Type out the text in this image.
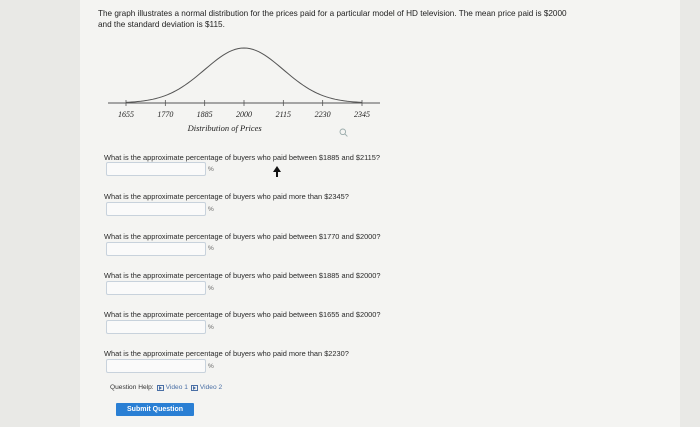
The graph illustrates a normal distribution for the prices paid for a particular model of HD television. The mean price paid is $2000 and the standard deviation is $115.
1655	1770	1885	2000	2115	2230	2345
Distribution of Prices
What is the approximate percentage of buyers who paid between $1885 and $2115?
%
What is the approximate percentage of buyers who paid more than $2345?
%
What is the approximate percentage of buyers who paid between $1770 and $2000?
%
What is the approximate percentage of buyers who paid between $1885 and $2000?
%
What is the approximate percentage of buyers who paid between $1655 and $2000?
%
What is the approximate percentage of buyers who paid more than $2230?
%
Question Help: Video 1 Video 2
Submit Question
